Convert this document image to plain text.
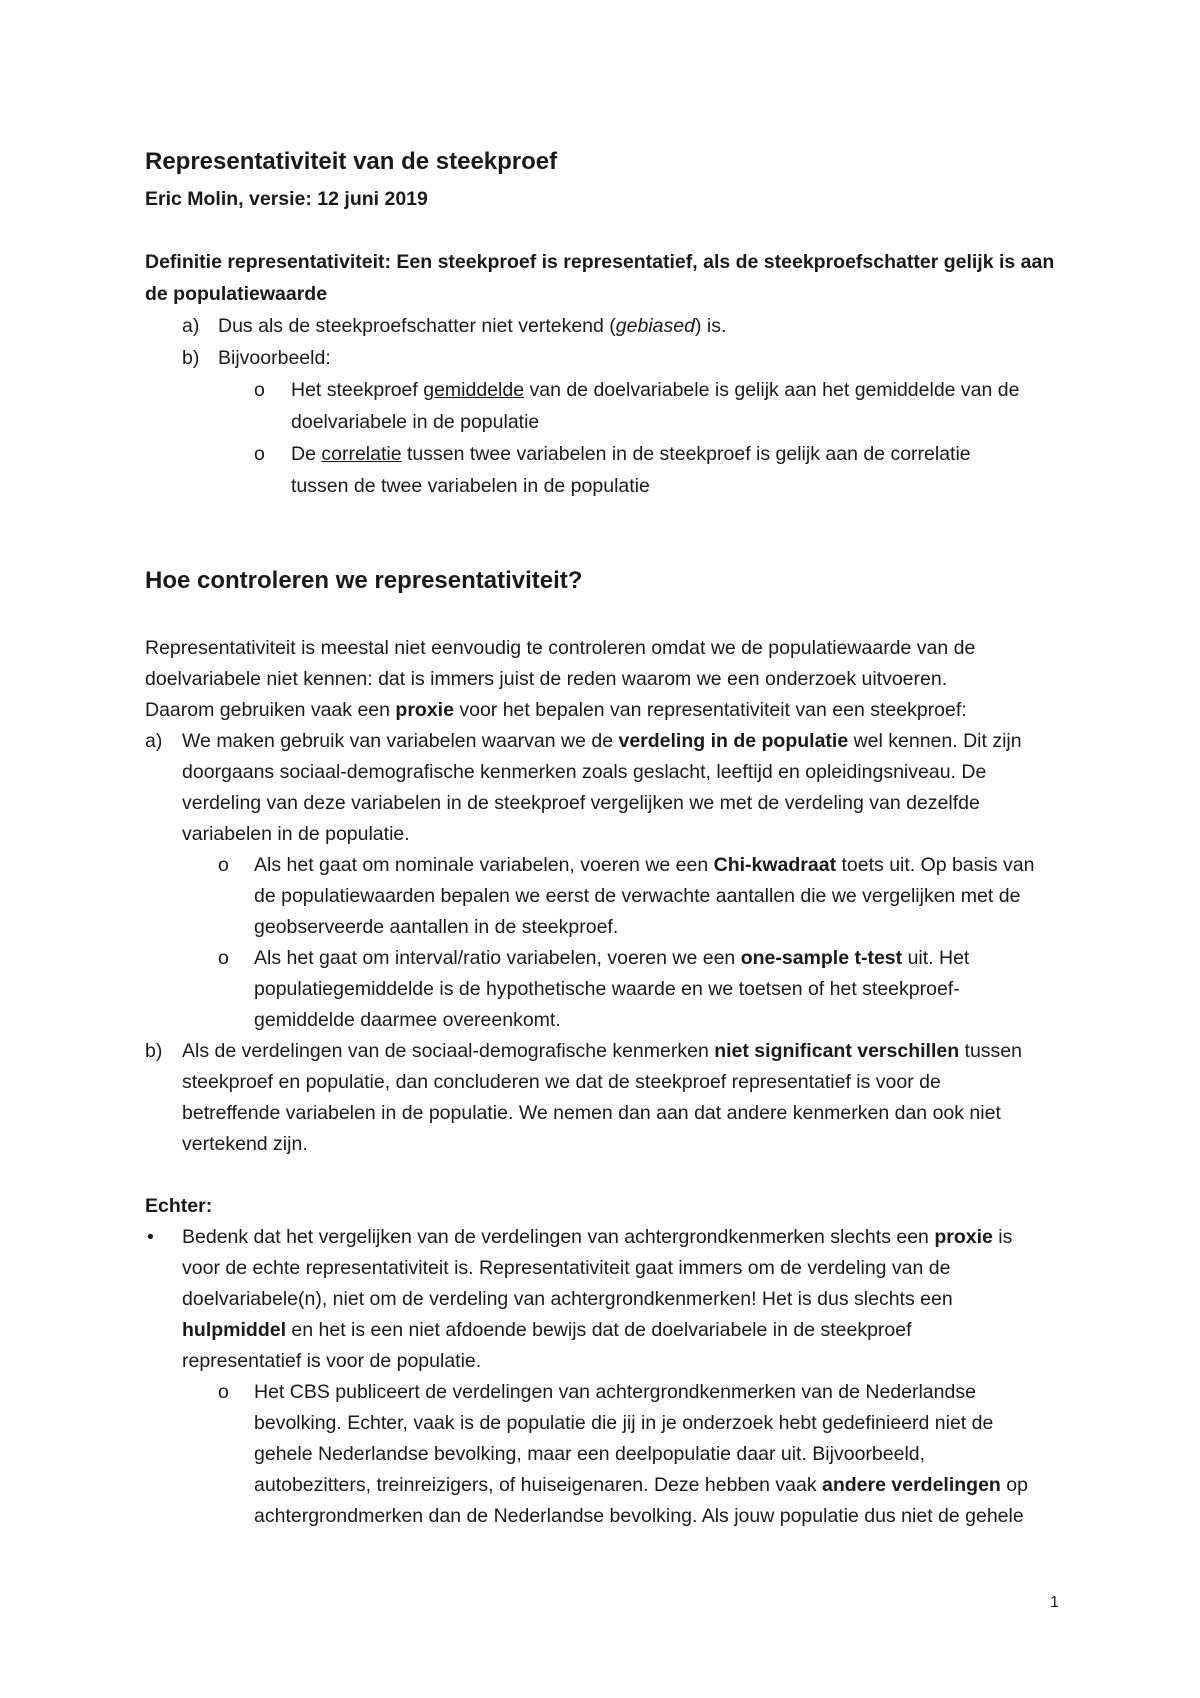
Representativiteit van de steekproef
Eric Molin, versie: 12 juni 2019
Definitie representativiteit: Een steekproef is representatief, als de steekproefschatter gelijk is aan
de populatiewaarde
a) Dus als de steekproefschatter niet vertekend (gebiased) is.
b) Bijvoorbeeld:
o Het steekproef gemiddelde van de doelvariabele is gelijk aan het gemiddelde van de
doelvariabele in de populatie
o De correlatie tussen twee variabelen in de steekproef is gelijk aan de correlatie
tussen de twee variabelen in de populatie
Hoe controleren we representativiteit?
Representativiteit is meestal niet eenvoudig te controleren omdat we de populatiewaarde van de
doelvariabele niet kennen: dat is immers juist de reden waarom we een onderzoek uitvoeren.
Daarom gebruiken vaak een proxie voor het bepalen van representativiteit van een steekproef:
a) We maken gebruik van variabelen waarvan we de verdeling in de populatie wel kennen. Dit zijn
doorgaans sociaal-demografische kenmerken zoals geslacht, leeftijd en opleidingsniveau. De
verdeling van deze variabelen in de steekproef vergelijken we met de verdeling van dezelfde
variabelen in de populatie.
o Als het gaat om nominale variabelen, voeren we een Chi-kwadraat toets uit. Op basis van
de populatiewaarden bepalen we eerst de verwachte aantallen die we vergelijken met de
geobserveerde aantallen in de steekproef.
o Als het gaat om interval/ratio variabelen, voeren we een one-sample t-test uit. Het
populatiegemiddelde is de hypothetische waarde en we toetsen of het steekproef-
gemiddelde daarmee overeenkomt.
b) Als de verdelingen van de sociaal-demografische kenmerken niet significant verschillen tussen
steekproef en populatie, dan concluderen we dat de steekproef representatief is voor de
betreffende variabelen in de populatie. We nemen dan aan dat andere kenmerken dan ook niet
vertekend zijn.
Echter:
• Bedenk dat het vergelijken van de verdelingen van achtergrondkenmerken slechts een proxie is
voor de echte representativiteit is. Representativiteit gaat immers om de verdeling van de
doelvariabele(n), niet om de verdeling van achtergrondkenmerken! Het is dus slechts een
hulpmiddel en het is een niet afdoende bewijs dat de doelvariabele in de steekproef
representatief is voor de populatie.
o Het CBS publiceert de verdelingen van achtergrondkenmerken van de Nederlandse
bevolking. Echter, vaak is de populatie die jij in je onderzoek hebt gedefinieerd niet de
gehele Nederlandse bevolking, maar een deelpopulatie daar uit. Bijvoorbeeld,
autobezitters, treinreizigers, of huiseigenaren. Deze hebben vaak andere verdelingen op
achtergrondmerken dan de Nederlandse bevolking. Als jouw populatie dus niet de gehele
1
